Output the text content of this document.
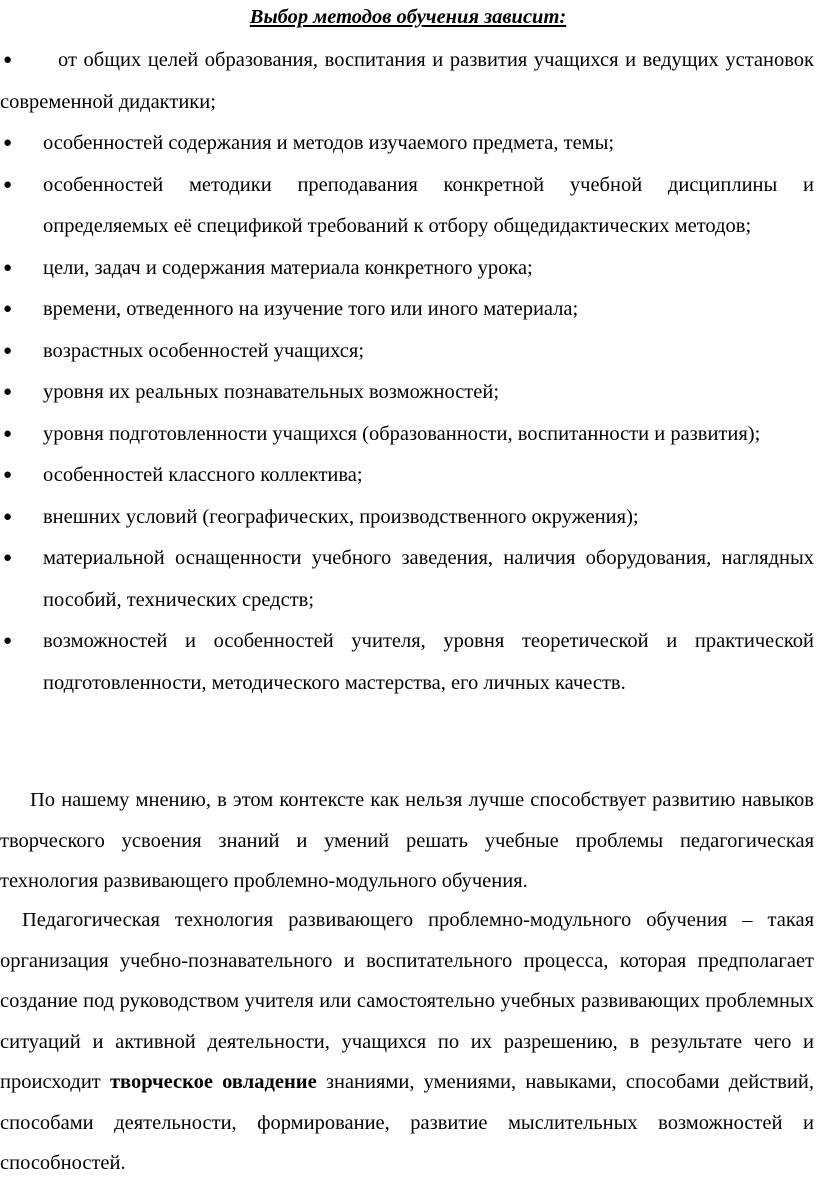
Выбор методов обучения зависит:
● от общих целей образования, воспитания и развития учащихся и ведущих установок современной дидактики;
● особенностей содержания и методов изучаемого предмета, темы;
● особенностей методики преподавания конкретной учебной дисциплины и определяемых её спецификой требований к отбору общедидактических методов;
● цели, задач и содержания материала конкретного урока;
● времени, отведенного на изучение того или иного материала;
● возрастных особенностей учащихся;
● уровня их реальных познавательных возможностей;
● уровня подготовленности учащихся (образованности, воспитанности и развития);
● особенностей классного коллектива;
● внешних условий (географических, производственного окружения);
● материальной оснащенности учебного заведения, наличия оборудования, наглядных пособий, технических средств;
● возможностей и особенностей учителя, уровня теоретической и практической подготовленности, методического мастерства, его личных качеств.

По нашему мнению, в этом контексте как нельзя лучше способствует развитию навыков творческого усвоения знаний и умений решать учебные проблемы педагогическая технология развивающего проблемно-модульного обучения.

Педагогическая технология развивающего проблемно-модульного обучения – такая организация учебно-познавательного и воспитательного процесса, которая предполагает создание под руководством учителя или самостоятельно учебных развивающих проблемных ситуаций и активной деятельности, учащихся по их разрешению, в результате чего и происходит творческое овладение знаниями, умениями, навыками, способами действий, способами деятельности, формирование, развитие мыслительных возможностей и способностей.
